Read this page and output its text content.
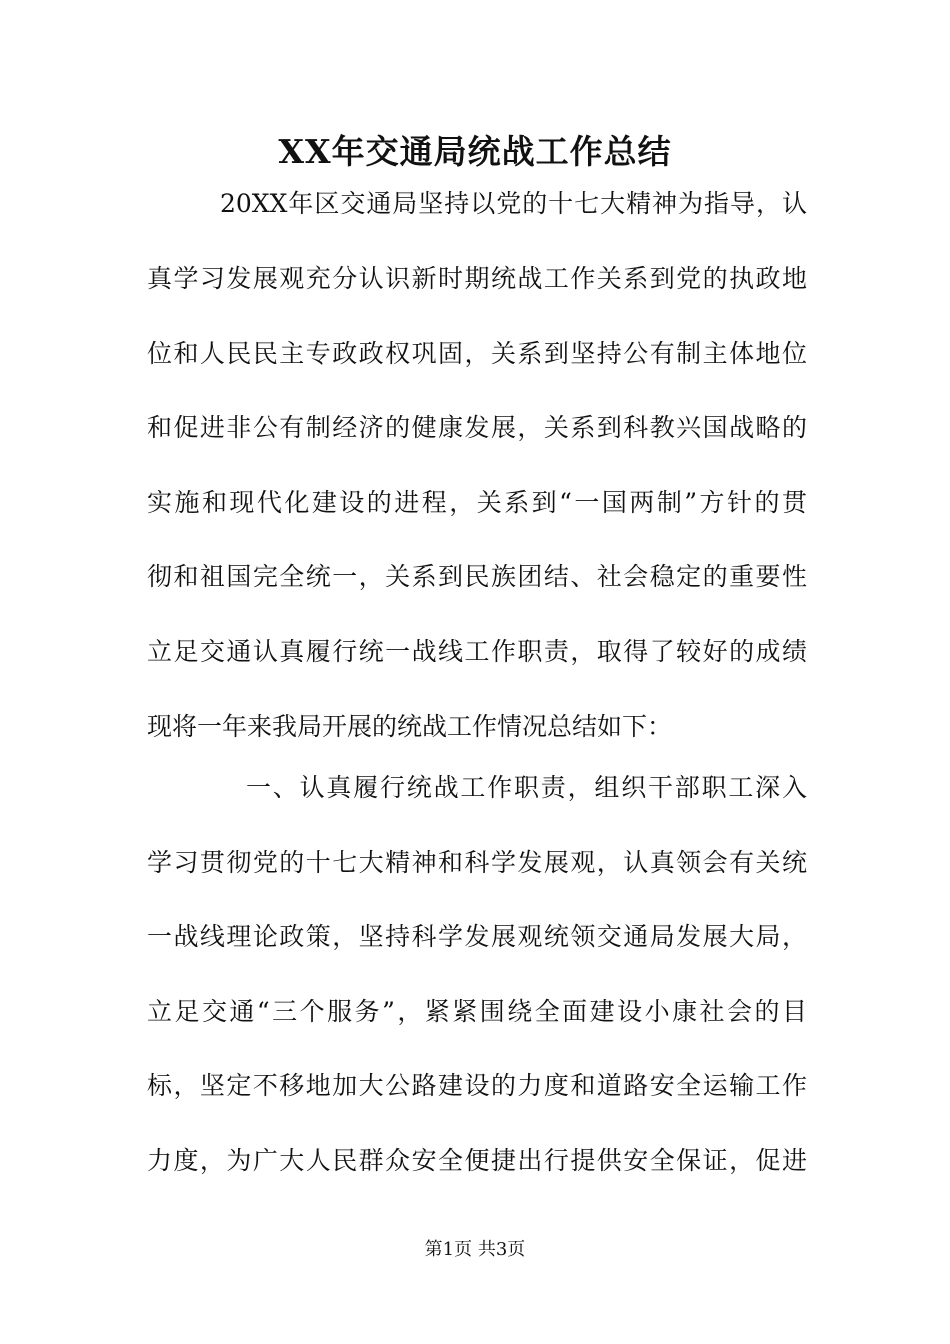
XX年交通局统战工作总结
20XX年区交通局坚持以党的十七大精神为指导，认
真学习发展观充分认识新时期统战工作关系到党的执政地
位和人民民主专政政权巩固，关系到坚持公有制主体地位
和促进非公有制经济的健康发展，关系到科教兴国战略的
实施和现代化建设的进程，关系到“一国两制”方针的贯
彻和祖国完全统一，关系到民族团结、社会稳定的重要性
立足交通认真履行统一战线工作职责，取得了较好的成绩
现将一年来我局开展的统战工作情况总结如下：
一、认真履行统战工作职责，组织干部职工深入
学习贯彻党的十七大精神和科学发展观，认真领会有关统
一战线理论政策，坚持科学发展观统领交通局发展大局，
立足交通“三个服务”，紧紧围绕全面建设小康社会的目
标，坚定不移地加大公路建设的力度和道路安全运输工作
力度，为广大人民群众安全便捷出行提供安全保证，促进
第1页 共3页
